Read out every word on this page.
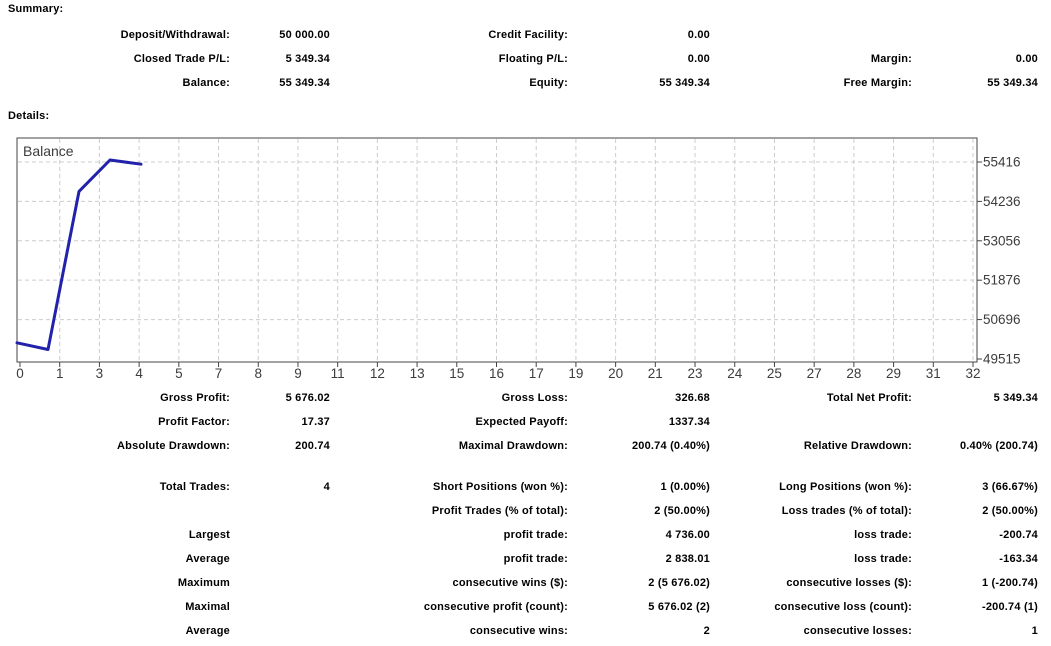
55416
54236
53056
51876
50696
49515
0 1 3 4 5 7 8 9 11 12 13 15 16 17 19 20 21 23 24 25 27 28 29 31 32
Balance
Summary:
Details:
Deposit/Withdrawal:	50 000.00	Credit Facility:	0.00
Closed Trade P/L:	5 349.34	Floating P/L:	0.00	Margin:	0.00
Balance:	55 349.34	Equity:	55 349.34	Free Margin:	55 349.34
Gross Profit:	5 676.02	Gross Loss:	326.68	Total Net Profit:	5 349.34
Profit Factor:	17.37	Expected Payoff:	1337.34
Absolute Drawdown:	200.74	Maximal Drawdown:	200.74 (0.40%)	Relative Drawdown:	0.40% (200.74)
Total Trades:	4	Short Positions (won %):	1 (0.00%)	Long Positions (won %):	3 (66.67%)
Profit Trades (% of total):	2 (50.00%)	Loss trades (% of total):	2 (50.00%)
Largest	profit trade:	4 736.00	loss trade:	-200.74
Average	profit trade:	2 838.01	loss trade:	-163.34
Maximum	consecutive wins ($):	2 (5 676.02)	consecutive losses ($):	1 (-200.74)
Maximal	consecutive profit (count):	5 676.02 (2)	consecutive loss (count):	-200.74 (1)
Average	consecutive wins:	2	consecutive losses:	1
